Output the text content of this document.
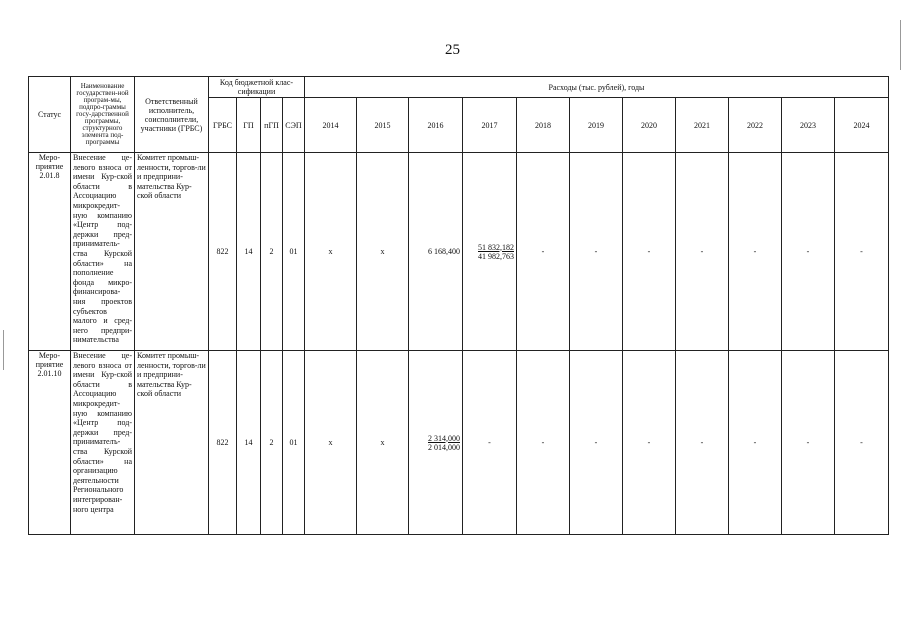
25
Статус	Наименование государствен-ной програм-мы, подпро-граммы госу-дарственной программы, структурного элемента под-программы	Ответственный исполнитель, соисполнители, участники (ГРБС)	Код бюджетной клас-сификации				Расходы (тыс. рублей), годы										
			ГРБС	ГП	пГП	СЭП	2014	2015	2016	2017	2018	2019	2020	2021	2022	2023	2024
Меро-приятие 2.01.8	Внесение це-левого взноса от имени Кур-ской области в Ассоциацию микрокредит-ную компанию «Центр под-держки пред-приниматель-ства Курской области» на пополнение фонда микро-финансирова-ния проектов субъектов малого и сред-него предпри-нимательства	Комитет промыш-ленности, торгов-ли и предприни-мательства Кур-ской области	822	14	2	01	x	x	6 168,400	51 832,182
41 982,763	-	-	-	-	-	-	-
Меро-приятие 2.01.10	Внесение це-левого взноса от имени Кур-ской области в Ассоциацию микрокредит-ную компанию «Центр под-держки пред-принимателъ-ства Курской области» на организацию деятельности Регионального интегрирован-ного центра	Комитет промыш-ленности, торгов-ли и предприни-мательства Кур-ской области	822	14	2	01	x	x	2 314,000
2 014,000	-	-	-	-	-	-	-	-
